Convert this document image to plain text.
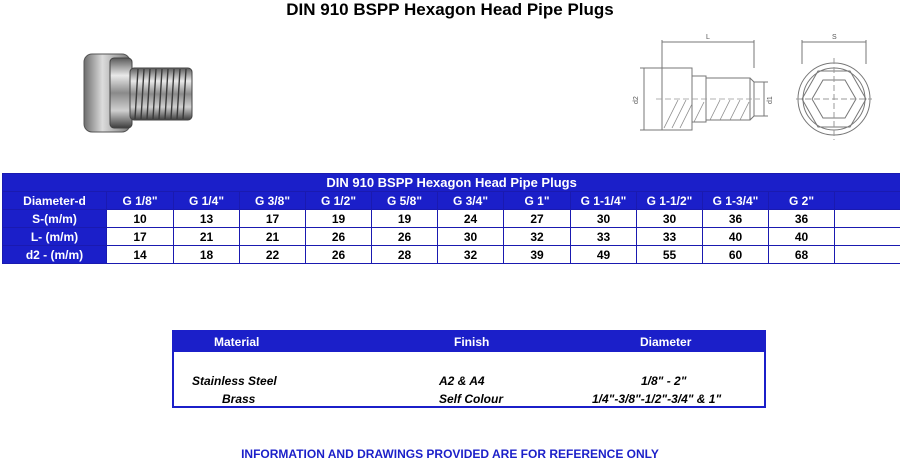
DIN 910 BSPP Hexagon Head Pipe Plugs
L
d2	d1
S
DIN 910 BSPP Hexagon Head Pipe Plugs												
Diameter-d	G 1/8"	G 1/4"	G 3/8"	G 1/2"	G 5/8"	G 3/4"	G 1"	G 1-1/4"	G 1-1/2"	G 1-3/4"	G 2"	
S-(m/m)	10	13	17	19	19	24	27	30	30	36	36	
L- (m/m)	17	21	21	26	26	30	32	33	33	40	40	
d2 - (m/m)	14	18	22	26	28	32	39	49	55	60	68	
Material	Finish	Diameter
Stainless Steel	A2 & A4	1/8" - 2"
Brass	Self Colour	1/4"-3/8"-1/2"-3/4" & 1"
INFORMATION AND DRAWINGS PROVIDED ARE FOR REFERENCE ONLY
